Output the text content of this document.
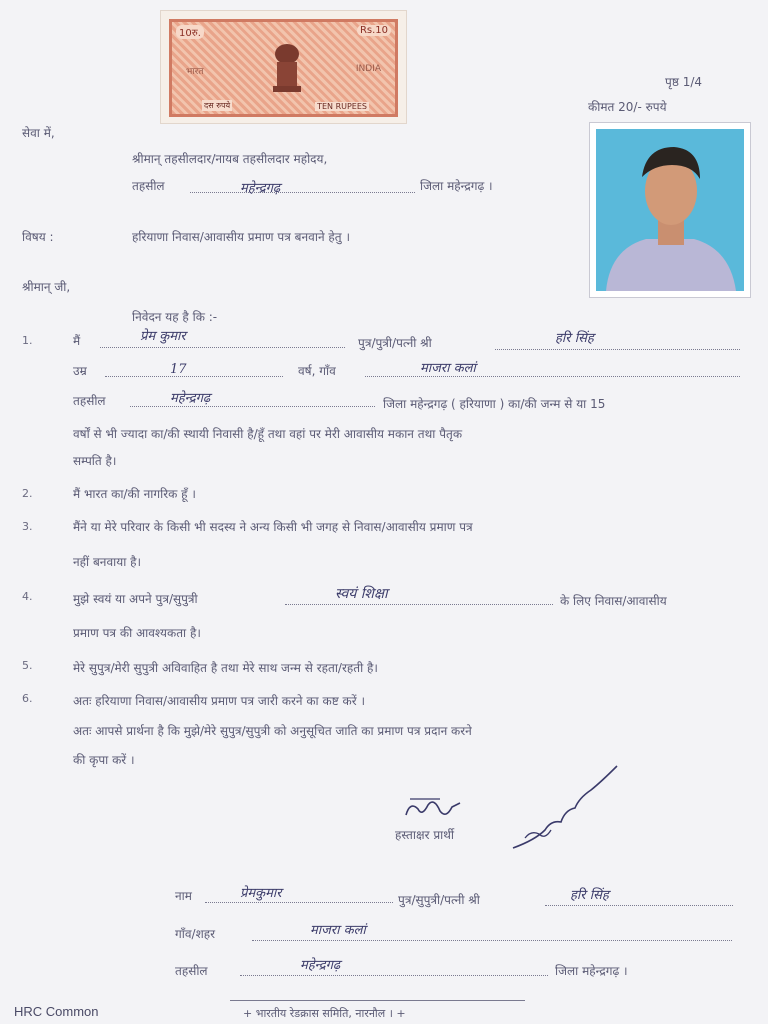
10रु.	Rs.10
भारत	INDIA
दस रुपये	TEN RUPEES
पृष्ठ 1/4
कीमत 20/- रुपये
सेवा में,
श्रीमान् तहसीलदार/नायब तहसीलदार महोदय,
तहसील	महेन्द्रगढ़	जिला महेन्द्रगढ़ ।
विषय :	हरियाणा निवास/आवासीय प्रमाण पत्र बनवाने हेतु ।
श्रीमान् जी,
निवेदन यह है कि :-
1.	मैं	प्रेम कुमार	पुत्र/पुत्री/पत्नी श्री	हरि सिंह
उम्र	17	वर्ष, गाँव	माजरा कलां
तहसील	महेन्द्रगढ़	जिला महेन्द्रगढ़ ( हरियाणा ) का/की जन्म से या 15
वर्षों से भी ज्यादा का/की स्थायी निवासी है/हूँ तथा वहां पर मेरी आवासीय मकान तथा पैतृक
सम्पति है।
2.	मैं भारत का/की नागरिक हूँ ।
3.	मैंने या मेरे परिवार के किसी भी सदस्य ने अन्य किसी भी जगह से निवास/आवासीय प्रमाण पत्र
नहीं बनवाया है।
4.	मुझे स्वयं या अपने पुत्र/सुपुत्री	स्वयं शिक्षा	के लिए निवास/आवासीय
प्रमाण पत्र की आवश्यकता है।
5.	मेरे सुपुत्र/मेरी सुपुत्री अविवाहित है तथा मेरे साथ जन्म से रहता/रहती है।
6.	अतः हरियाणा निवास/आवासीय प्रमाण पत्र जारी करने का कष्ट करें ।
अतः आपसे प्रार्थना है कि मुझे/मेरे सुपुत्र/सुपुत्री को अनुसूचित जाति का प्रमाण पत्र प्रदान करने
की कृपा करें ।
हस्ताक्षर प्रार्थी
नाम	प्रेमकुमार	पुत्र/सुपुत्री/पत्नी श्री	हरि सिंह
गाँव/शहर	माजरा कलां
तहसील	महेन्द्रगढ़	जिला महेन्द्रगढ़ ।
HRC Common	+ भारतीय रेडक्रास समिति, नारनौल । +
